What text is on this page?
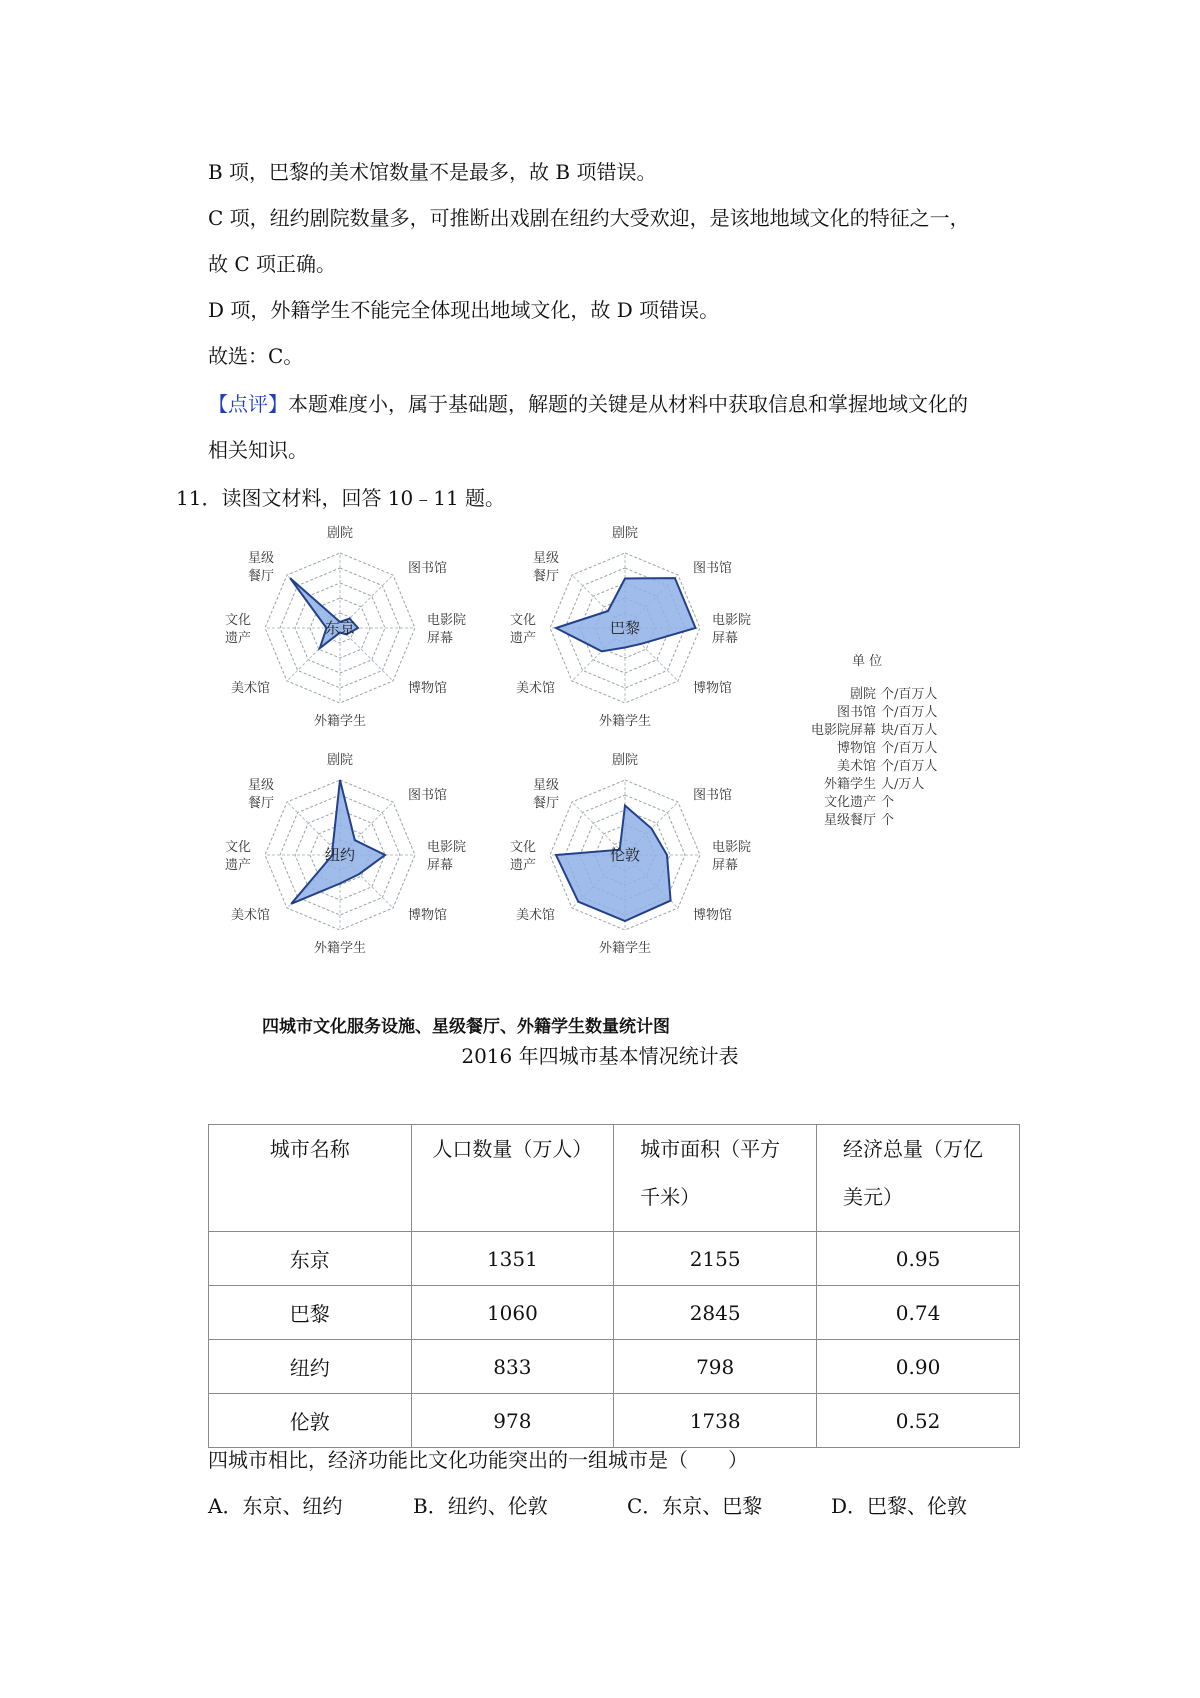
B 项，巴黎的美术馆数量不是最多，故 B 项错误。
C 项，纽约剧院数量多，可推断出戏剧在纽约大受欢迎，是该地地域文化的特征之一，
故 C 项正确。
D 项，外籍学生不能完全体现出地域文化，故 D 项错误。
故选：C。
【点评】本题难度小，属于基础题，解题的关键是从材料中获取信息和掌握地域文化的
相关知识。
11．读图文材料，回答 10﹣11 题。
单 位
剧院 个/百万人
图书馆 个/百万人
电影院屏幕 块/百万人
博物馆 个/百万人
美术馆 个/百万人
外籍学生 人/万人
文化遗产 个
星级餐厅 个
东京
剧院
图书馆
电影院
屏幕
博物馆
外籍学生
美术馆
文化
遗产
星级
餐厅
巴黎
剧院
图书馆
电影院
屏幕
博物馆
外籍学生
美术馆
文化
遗产
星级
餐厅
纽约
剧院
图书馆
电影院
屏幕
博物馆
外籍学生
美术馆
文化
遗产
星级
餐厅
伦敦
剧院
图书馆
电影院
屏幕
博物馆
外籍学生
美术馆
文化
遗产
星级
餐厅
四城市文化服务设施、星级餐厅、外籍学生数量统计图
2016 年四城市基本情况统计表
城市名称	人口数量（万人）	城市面积（平方千米）	经济总量（万亿美元）

东京	1351	2155	0.95
巴黎	1060	2845	0.74
纽约	833	798	0.90
伦敦	978	1738	0.52
四城市相比，经济功能比文化功能突出的一组城市是（　　）
A．东京、纽约	B．纽约、伦敦	C．东京、巴黎	D．巴黎、伦敦
